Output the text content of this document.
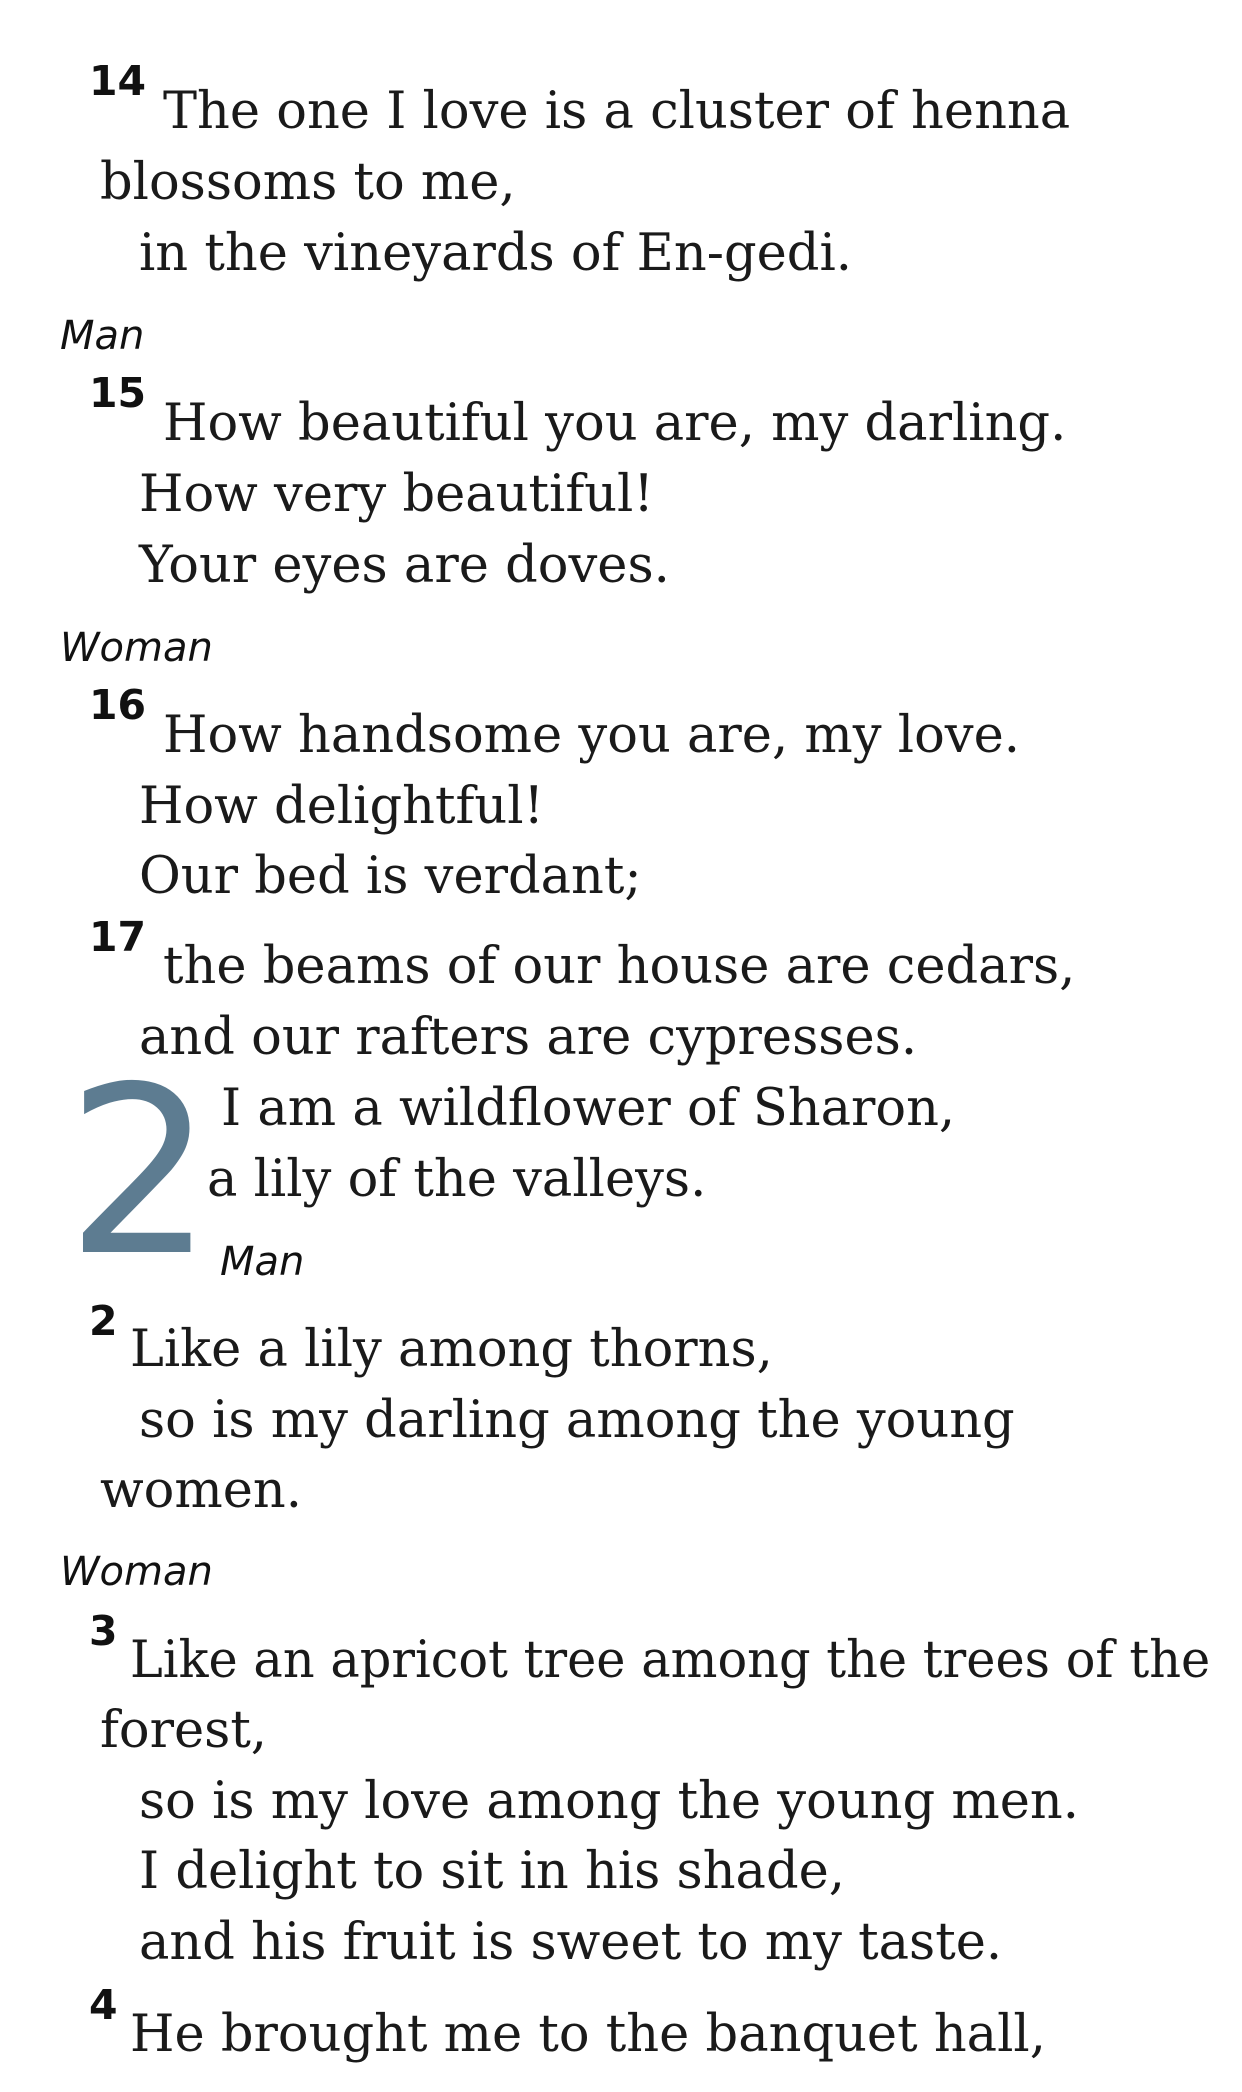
14
The one I love is a cluster of henna
blossoms to me,
in the vineyards of En-gedi.
Man
15
How beautiful you are, my darling.
How very beautiful!
Your eyes are doves.
Woman
16
How handsome you are, my love.
How delightful!
Our bed is verdant;
17 the beams of our house are cedars,
and our rafters are cypresses.
2 I am a wildflower of Sharon,
a lily of the valleys.
Man
2 Like a lily among thorns,
so is my darling among the young
women.
Woman
3 Like an apricot tree among the trees of the
forest,
so is my love among the young men.
I delight to sit in his shade,
and his fruit is sweet to my taste.
4 He brought me to the banquet hall,
